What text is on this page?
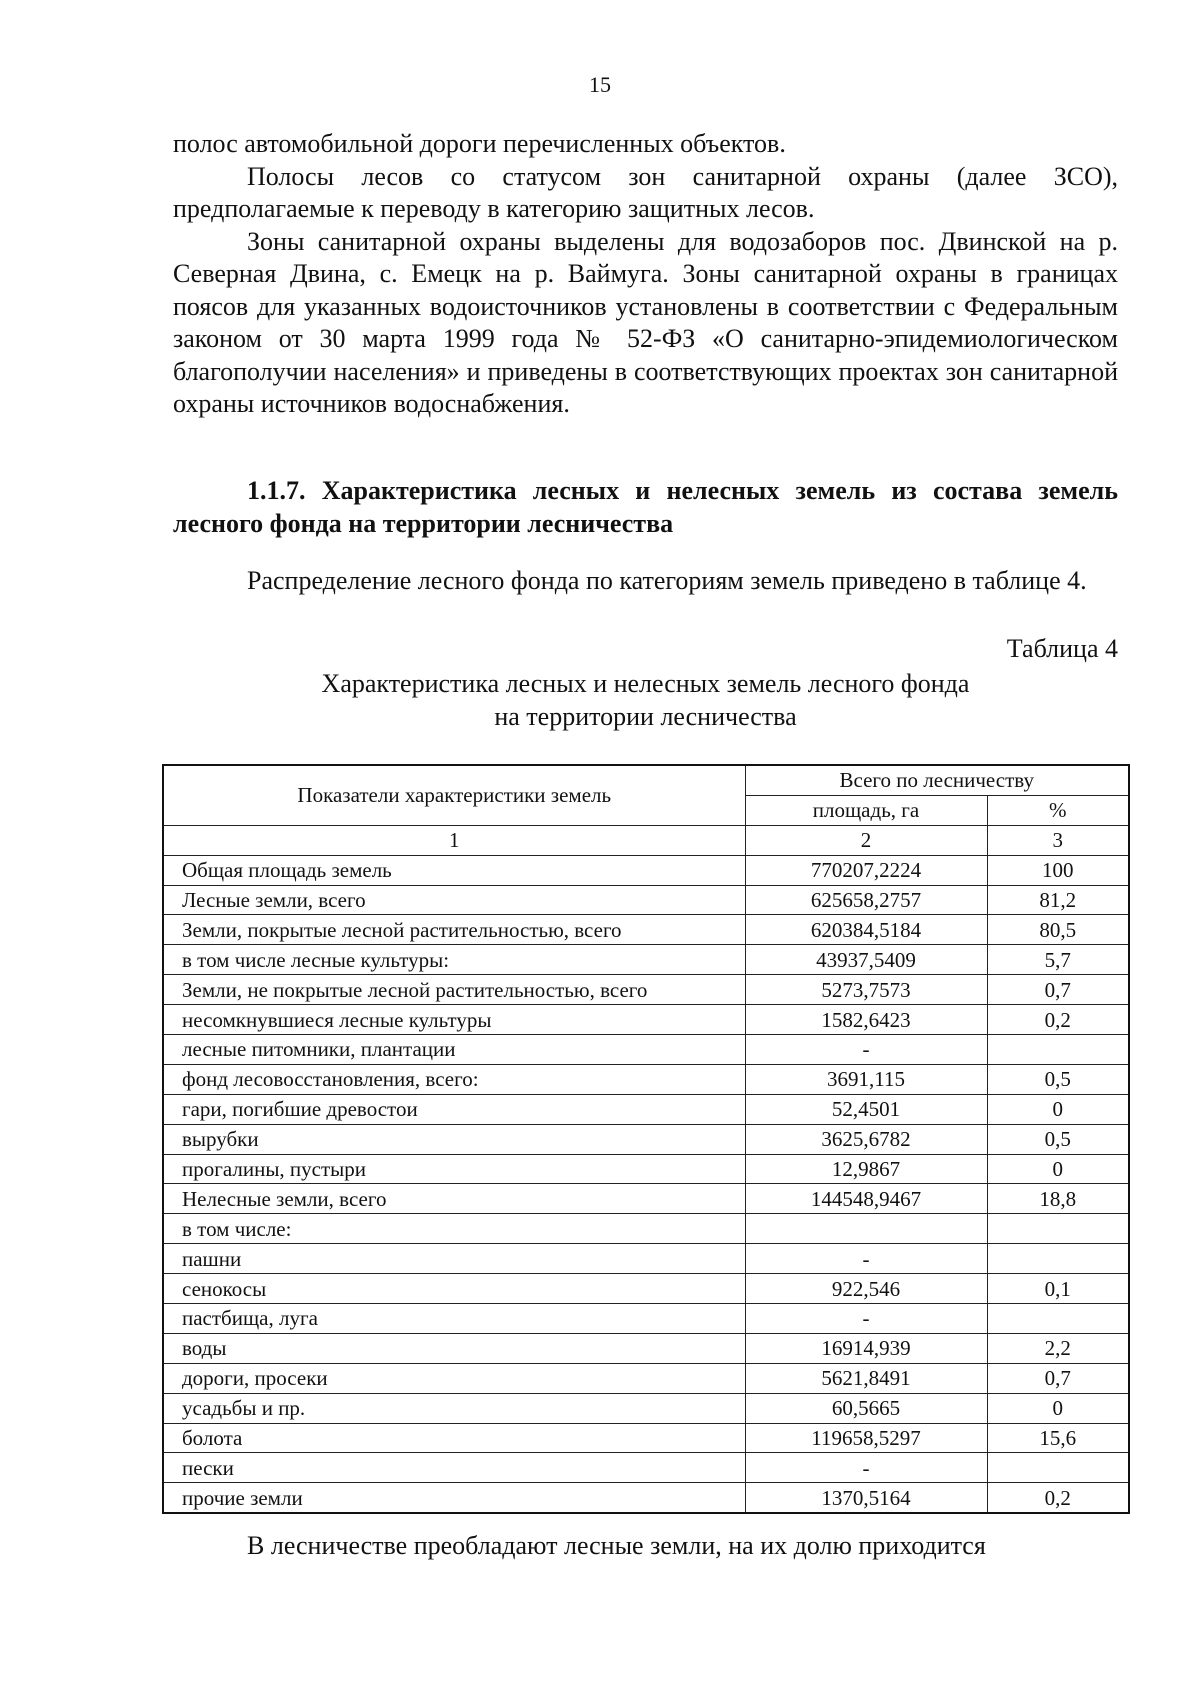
15

полос автомобильной дороги перечисленных объектов.

Полосы лесов со статусом зон санитарной охраны (далее ЗСО), предполагаемые к переводу в категорию защитных лесов.

Зоны санитарной охраны выделены для водозаборов пос. Двинской на р. Северная Двина, с. Емецк на р. Ваймуга. Зоны санитарной охраны в границах поясов для указанных водоисточников установлены в соответствии с Федеральным законом от 30 марта 1999 года № 52-ФЗ «О санитарно-эпидемиологическом благополучии населения» и приведены в соответствующих проектах зон санитарной охраны источников водоснабжения.

1.1.7. Характеристика лесных и нелесных земель из состава земель лесного фонда на территории лесничества

Распределение лесного фонда по категориям земель приведено в таблице 4.

Таблица 4
Характеристика лесных и нелесных земель лесного фонда
на территории лесничества
Показатели характеристики земель	Всего по лесничеству	
	площадь, га	%
1	2	3
Общая площадь земель	770207,2224	100
Лесные земли, всего	625658,2757	81,2
Земли, покрытые лесной растительностью, всего	620384,5184	80,5
в том числе лесные культуры:	43937,5409	5,7
Земли, не покрытые лесной растительностью, всего	5273,7573	0,7
несомкнувшиеся лесные культуры	1582,6423	0,2
лесные питомники, плантации	-	
фонд лесовосстановления, всего:	3691,115	0,5
гари, погибшие древостои	52,4501	0
вырубки	3625,6782	0,5
прогалины, пустыри	12,9867	0
Нелесные земли, всего	144548,9467	18,8
в том числе:		
пашни	-	
сенокосы	922,546	0,1
пастбища, луга	-	
воды	16914,939	2,2
дороги, просеки	5621,8491	0,7
усадьбы и пр.	60,5665	0
болота	119658,5297	15,6
пески	-	
прочие земли	1370,5164	0,2

В лесничестве преобладают лесные земли, на их долю приходится
